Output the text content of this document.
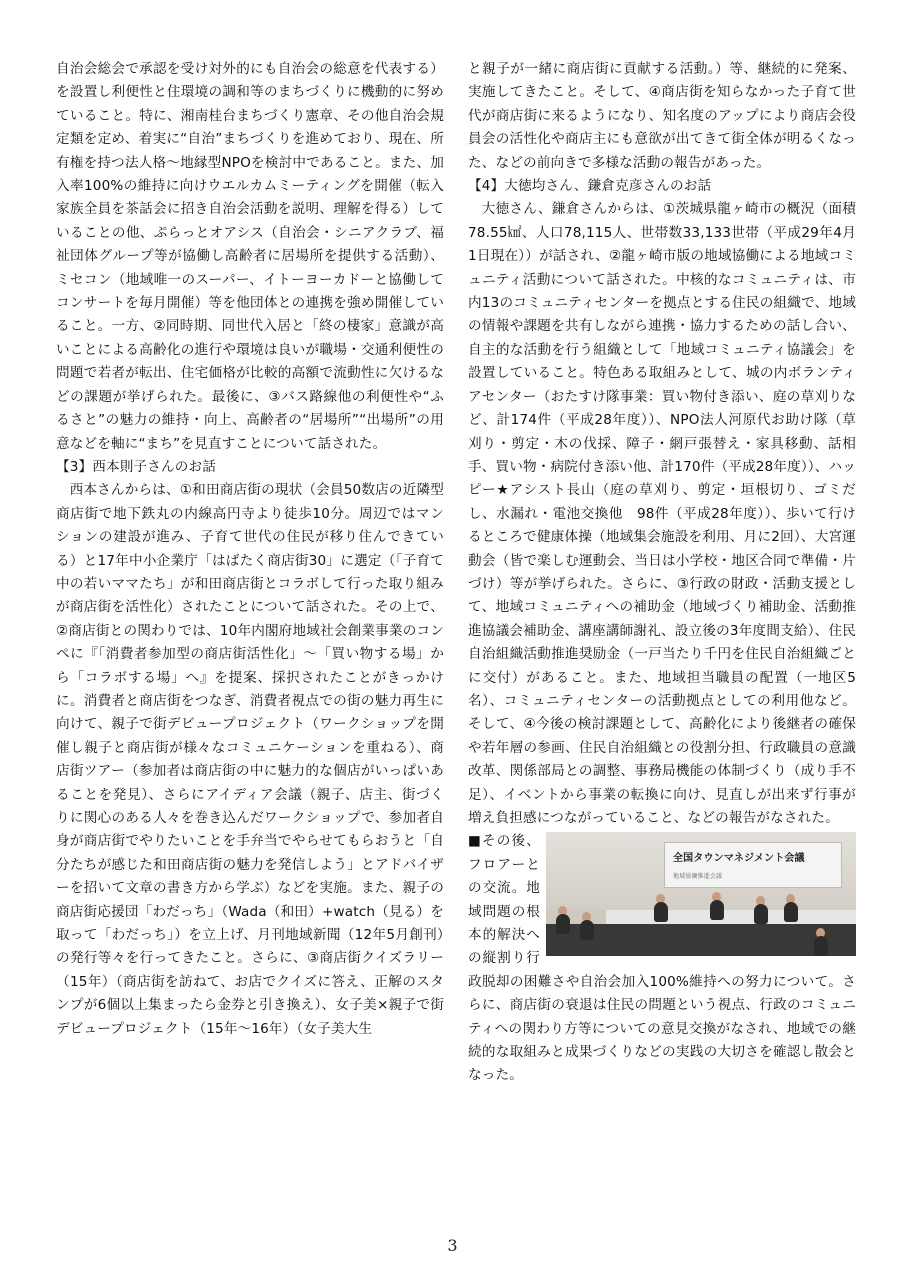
自治会総会で承認を受け対外的にも自治会の総意を代表する）を設置し利便性と住環境の調和等のまちづくりに機動的に努めていること。特に、湘南桂台まちづくり憲章、その他自治会規定類を定め、着実に“自治”まちづくりを進めており、現在、所有権を持つ法人格～地縁型NPOを検討中であること。また、加入率100%の維持に向けウエルカムミーティングを開催（転入家族全員を茶話会に招き自治会活動を説明、理解を得る）していることの他、ぷらっとオアシス（自治会・シニアクラブ、福祉団体グループ等が協働し高齢者に居場所を提供する活動）、ミセコン（地域唯一のスーパー、イトーヨーカドーと協働してコンサートを毎月開催）等を他団体との連携を強め開催していること。一方、②同時期、同世代入居と「終の棲家」意識が高いことによる高齢化の進行や環境は良いが職場・交通利便性の問題で若者が転出、住宅価格が比較的高額で流動性に欠けるなどの課題が挙げられた。最後に、③バス路線他の利便性や“ふるさと”の魅力の維持・向上、高齢者の“居場所”“出場所”の用意などを軸に“まち”を見直すことについて話された。

【3】西本則子さんのお話

西本さんからは、①和田商店街の現状（会員50数店の近隣型商店街で地下鉄丸の内線高円寺より徒歩10分。周辺ではマンションの建設が進み、子育て世代の住民が移り住んできている）と17年中小企業庁「はばたく商店街30」に選定（「子育て中の若いママたち」が和田商店街とコラボして行った取り組みが商店街を活性化）されたことについて話された。その上で、②商店街との関わりでは、10年内閣府地域社会創業事業のコンペに『「消費者参加型の商店街活性化」～「買い物する場」から「コラボする場」へ』を提案、採択されたことがきっかけに。消費者と商店街をつなぎ、消費者視点での街の魅力再生に向けて、親子で街デビュープロジェクト（ワークショップを開催し親子と商店街が様々なコミュニケーションを重ねる）、商店街ツアー（参加者は商店街の中に魅力的な個店がいっぱいあることを発見）、さらにアイディア会議（親子、店主、街づくりに関心のある人々を巻き込んだワークショップで、参加者自身が商店街でやりたいことを手弁当でやらせてもらおうと「自分たちが感じた和田商店街の魅力を発信しよう」とアドバイザーを招いて文章の書き方から学ぶ）などを実施。また、親子の商店街応援団「わだっち」（Wada（和田）+watch（見る）を取って「わだっち」）を立上げ、月刊地域新聞（12年5月創刊）の発行等々を行ってきたこと。さらに、③商店街クイズラリー（15年）（商店街を訪ねて、お店でクイズに答え、正解のスタンプが6個以上集まったら金券と引き換え）、女子美×親子で街デビュープロジェクト（15年～16年）（女子美大生

と親子が一緒に商店街に貢献する活動。）等、継続的に発案、実施してきたこと。そして、④商店街を知らなかった子育て世代が商店街に来るようになり、知名度のアップにより商店会役員会の活性化や商店主にも意欲が出てきて街全体が明るくなった、などの前向きで多様な活動の報告があった。

【4】大徳均さん、鎌倉克彦さんのお話

大徳さん、鎌倉さんからは、①茨城県龍ヶ崎市の概況（面積78.55㎢、人口78,115人、世帯数33,133世帯（平成29年4月1日現在））が話され、②龍ヶ崎市版の地域協働による地域コミュニティ活動について話された。中核的なコミュニティは、市内13のコミュニティセンターを拠点とする住民の組織で、地域の情報や課題を共有しながら連携・協力するための話し合い、自主的な活動を行う組織として「地域コミュニティ協議会」を設置していること。特色ある取組みとして、城の内ボランティアセンター（おたすけ隊事業：買い物付き添い、庭の草刈りなど、計174件（平成28年度））、NPO法人河原代お助け隊（草刈り・剪定・木の伐採、障子・網戸張替え・家具移動、話相手、買い物・病院付き添い他、計170件（平成28年度））、ハッピー★アシスト長山（庭の草刈り、剪定・垣根切り、ゴミだし、水漏れ・電池交換他　98件（平成28年度））、歩いて行けるところで健康体操（地域集会施設を利用、月に2回）、大宮運動会（皆で楽しむ運動会、当日は小学校・地区合同で準備・片づけ）等が挙げられた。さらに、③行政の財政・活動支援として、地域コミュニティへの補助金（地域づくり補助金、活動推進協議会補助金、講座講師謝礼、設立後の3年度間支給）、住民自治組織活動推進奨励金（一戸当たり千円を住民自治組織ごとに交付）があること。また、地域担当職員の配置（一地区5名）、コミュニティセンターの活動拠点としての利用他など。そして、④今後の検討課題として、高齢化により後継者の確保や若年層の参画、住民自治組織との役割分担、行政職員の意識改革、関係部局との調整、事務局機能の体制づくり（成り手不足）、イベントから事業の転換に向け、見直しが出来ず行事が増え負担感につながっていること、などの報告がなされた。

全国タウンマネジメント会議
地域協働推進会議

■その後、フロアーとの交流。地域問題の根本的解決への縦割り行政脱却の困難さや自治会加入100%維持への努力について。さらに、商店街の衰退は住民の問題という視点、行政のコミュニティへの関わり方等についての意見交換がなされ、地域での継続的な取組みと成果づくりなどの実践の大切さを確認し散会となった。

3
